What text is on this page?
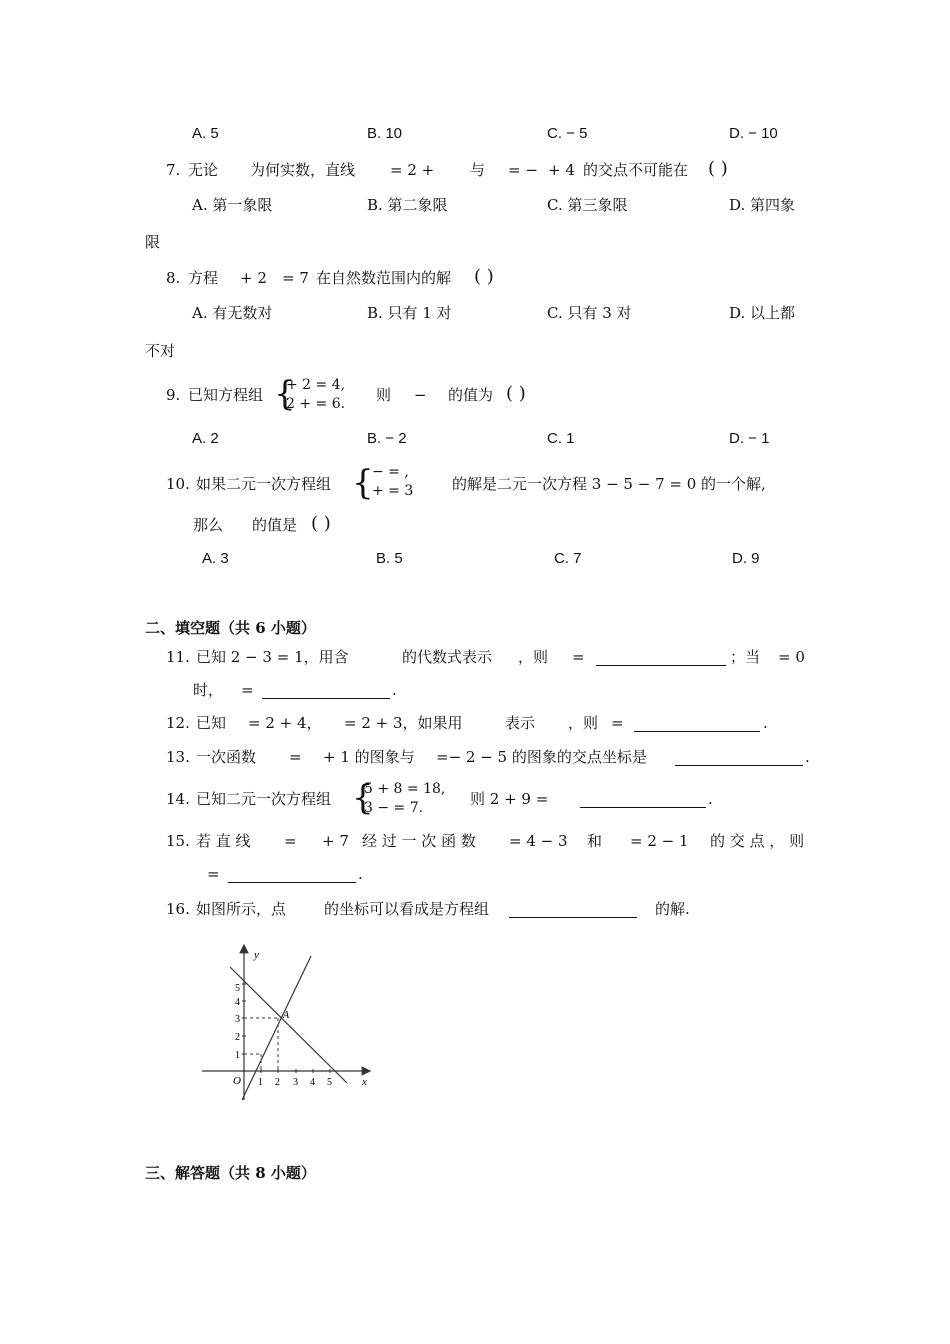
A. 5	B. 10	C. − 5	D. − 10
7. 无论 为何实数，直线 = 2 + 与 = − + 4 的交点不可能在 ( )
A. 第一象限	B. 第二象限	C. 第三象限	D. 第四象
限
8. 方程 + 2 = 7 在自然数范围内的解 ( )
A. 有无数对	B. 只有 1 对	C. 只有 3 对	D. 以上都
不对
9. 已知方程组 {
+ 2 = 4,
2 + = 6. 则 − 的值为 ( )
A. 2	B. − 2	C. 1	D. − 1
10. 如果二元一次方程组 {
− = ,
+ = 3	的解是二元一次方程 3 − 5 − 7 = 0 的一个解,
那么 的值是 ( )
A. 3	B. 5	C. 7	D. 9
二、填空题（共 6 小题）
11. 已知 2 − 3 = 1，用含	的代数式表示 ，则 =	；当 = 0
时， =	.
12. 已知 = 2 + 4， = 2 + 3，如果用	表示 ，则 =	.
13. 一次函数 = + 1 的图象与 =− 2 − 5 的图象的交点坐标是	.
14. 已知二元一次方程组 {
5 + 8 = 18,
3 − = 7.	则 2 + 9 =	.
15. 若 直 线 = + 7 经 过 一 次 函 数 = 4 − 3 和 = 2 − 1 的 交 点 ， 则
=	.
16. 如图所示，点	的坐标可以看成是方程组	的解.
y
x
O
A
1 2 3 4 5
1
2
3
4
5
三、解答题（共 8 小题）
